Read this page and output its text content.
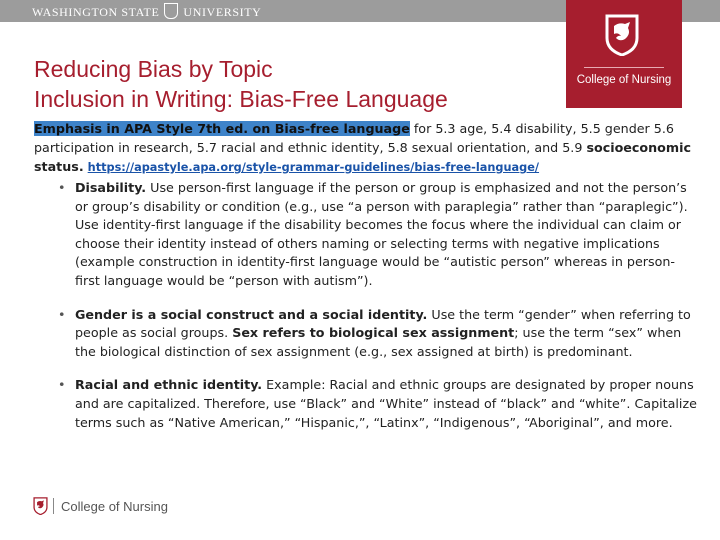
WASHINGTON STATE UNIVERSITY
College of Nursing
Reducing Bias by Topic
Inclusion in Writing: Bias-Free Language
Emphasis in APA Style 7th ed. on Bias-free language for 5.3 age, 5.4 disability, 5.5 gender 5.6 participation in research, 5.7 racial and ethnic identity, 5.8 sexual orientation, and 5.9 socioeconomic status. https://apastyle.apa.org/style-grammar-guidelines/bias-free-language/

• Disability. Use person-first language if the person or group is emphasized and not the person’s or group’s disability or condition (e.g., use “a person with paraplegia” rather than “paraplegic”). Use identity-first language if the disability becomes the focus where the individual can claim or choose their identity instead of others naming or selecting terms with negative implications (example construction in identity-first language would be “autistic person” whereas in person-first language would be “person with autism”).

• Gender is a social construct and a social identity. Use the term “gender” when referring to people as social groups. Sex refers to biological sex assignment; use the term “sex” when the biological distinction of sex assignment (e.g., sex assigned at birth) is predominant.

• Racial and ethnic identity. Example: Racial and ethnic groups are designated by proper nouns and are capitalized. Therefore, use “Black” and “White” instead of “black” and “white”. Capitalize terms such as “Native American,” “Hispanic,”, “Latinx”, “Indigenous”, “Aboriginal”, and more.

College of Nursing
